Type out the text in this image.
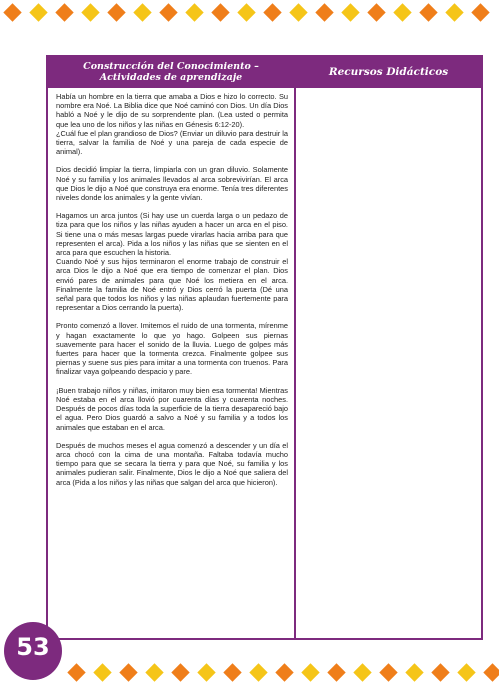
Construcción del Conocimiento –
Actividades de aprendizaje	Recursos Didácticos

Había un hombre en la tierra que amaba a Dios e hizo lo correcto. Su nombre era Noé. La Biblia dice que Noé caminó con Dios. Un día Dios habló a Noé y le dijo de su sorprendente plan. (Lea usted o permita que lea uno de los niños y las niñas en Génesis 6:12-20).

¿Cuál fue el plan grandioso de Dios? (Enviar un diluvio para destruir la tierra, salvar la familia de Noé y una pareja de cada especie de animal).

Dios decidió limpiar la tierra, limpiarla con un gran diluvio. Solamente Noé y su familia y los animales llevados al arca sobrevivirían. El arca que Dios le dijo a Noé que construya era enorme. Tenía tres diferentes niveles donde los animales y la gente vivían.

Hagamos un arca juntos (Si hay use un cuerda larga o un pedazo de tiza para que los niños y las niñas ayuden a hacer un arca en el piso. Si tiene una o más mesas largas puede virarlas hacia arriba para que representen el arca). Pida a los niños y las niñas que se sienten en el arca para que escuchen la historia.

Cuando Noé y sus hijos terminaron el enorme trabajo de construir el arca Dios le dijo a Noé que era tiempo de comenzar el plan. Dios envió pares de animales para que Noé los metiera en el arca. Finalmente la familia de Noé entró y Dios cerró la puerta (Dé una señal para que todos los niños y las niñas aplaudan fuertemente para representar a Dios cerrando la puerta).

Pronto comenzó a llover. Imitemos el ruido de una tormenta, mírenme y hagan exactamente lo que yo hago. Golpeen sus piernas suavemente para hacer el sonido de la lluvia. Luego de golpes más fuertes para hacer que la tormenta crezca. Finalmente golpee sus piernas y suene sus pies para imitar a una tormenta con truenos. Para finalizar vaya golpeando despacio y pare.

¡Buen trabajo niños y niñas, imitaron muy bien esa tormenta! Mientras Noé estaba en el arca llovió por cuarenta días y cuarenta noches. Después de pocos días toda la superficie de la tierra desapareció bajo el agua. Pero Dios guardó a salvo a Noé y su familia y a todos los animales que estaban en el arca.

Después de muchos meses el agua comenzó a descender y un día el arca chocó con la cima de una montaña. Faltaba todavía mucho tiempo para que se secara la tierra y para que Noé, su familia y los animales pudieran salir. Finalmente, Dios le dijo a Noé que saliera del arca (Pida a los niños y las niñas que salgan del arca que hicieron).

53
